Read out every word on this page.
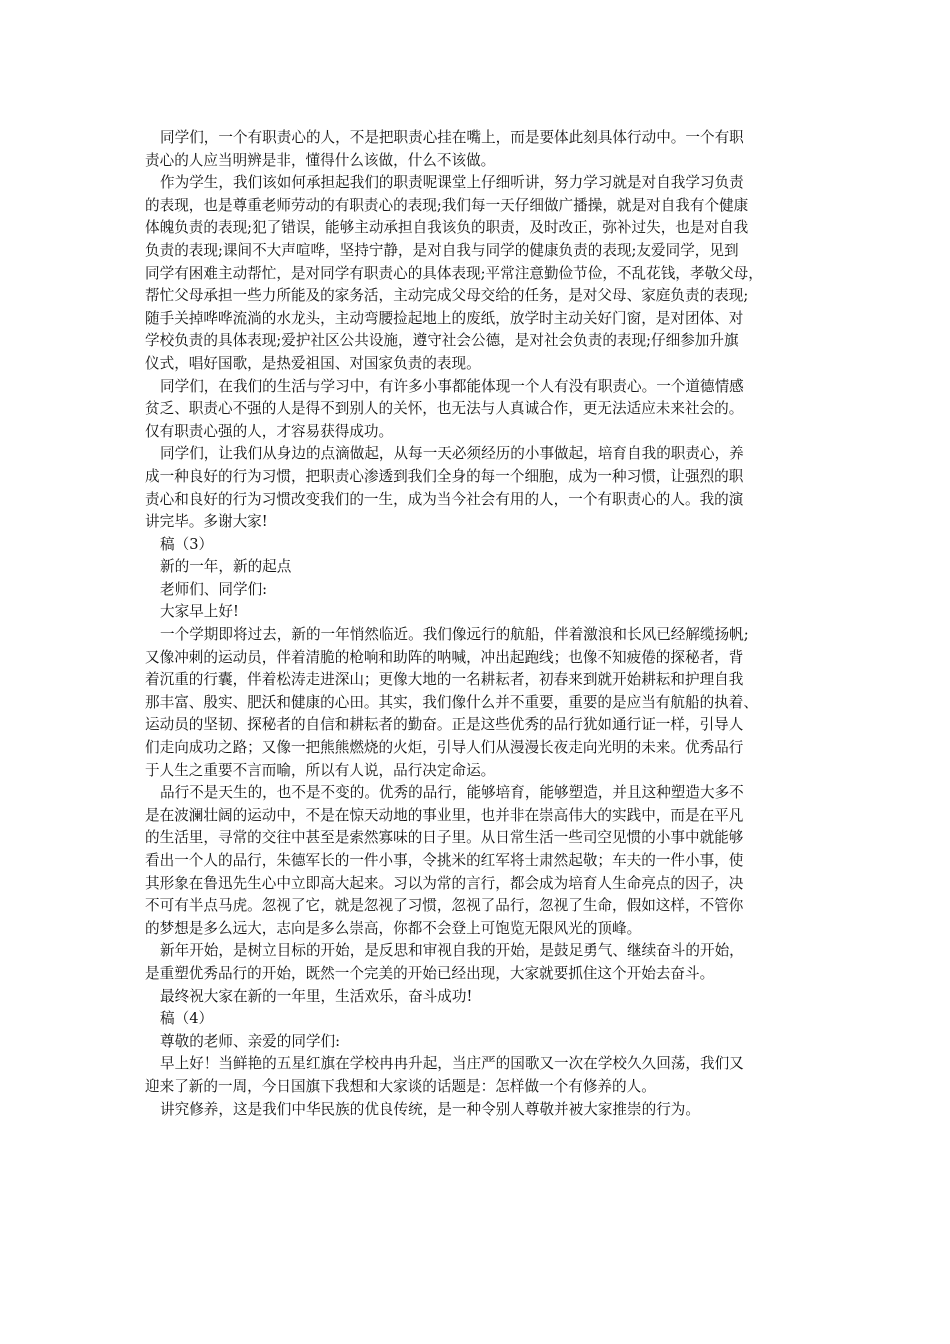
同学们，一个有职责心的人，不是把职责心挂在嘴上，而是要体此刻具体行动中。一个有职
责心的人应当明辨是非，懂得什么该做，什么不该做。
作为学生，我们该如何承担起我们的职责呢课堂上仔细听讲，努力学习就是对自我学习负责
的表现，也是尊重老师劳动的有职责心的表现;我们每一天仔细做广播操，就是对自我有个健康
体魄负责的表现;犯了错误，能够主动承担自我该负的职责，及时改正，弥补过失，也是对自我
负责的表现;课间不大声喧哗，坚持宁静，是对自我与同学的健康负责的表现;友爱同学，见到
同学有困难主动帮忙，是对同学有职责心的具体表现;平常注意勤俭节俭，不乱花钱，孝敬父母，
帮忙父母承担一些力所能及的家务活，主动完成父母交给的任务，是对父母、家庭负责的表现;
随手关掉哗哗流淌的水龙头，主动弯腰捡起地上的废纸，放学时主动关好门窗，是对团体、对
学校负责的具体表现;爱护社区公共设施，遵守社会公德，是对社会负责的表现;仔细参加升旗
仪式，唱好国歌，是热爱祖国、对国家负责的表现。
同学们，在我们的生活与学习中，有许多小事都能体现一个人有没有职责心。一个道德情感
贫乏、职责心不强的人是得不到别人的关怀，也无法与人真诚合作，更无法适应未来社会的。
仅有职责心强的人，才容易获得成功。
同学们，让我们从身边的点滴做起，从每一天必须经历的小事做起，培育自我的职责心，养
成一种良好的行为习惯，把职责心渗透到我们全身的每一个细胞，成为一种习惯，让强烈的职
责心和良好的行为习惯改变我们的一生，成为当今社会有用的人，一个有职责心的人。我的演
讲完毕。多谢大家!
稿（3）
新的一年，新的起点
老师们、同学们:
大家早上好!
一个学期即将过去，新的一年悄然临近。我们像远行的航船，伴着激浪和长风已经解缆扬帆;
又像冲刺的运动员，伴着清脆的枪响和助阵的呐喊，冲出起跑线；也像不知疲倦的探秘者，背
着沉重的行囊，伴着松涛走进深山；更像大地的一名耕耘者，初春来到就开始耕耘和护理自我
那丰富、殷实、肥沃和健康的心田。其实，我们像什么并不重要，重要的是应当有航船的执着、
运动员的坚韧、探秘者的自信和耕耘者的勤奋。正是这些优秀的品行犹如通行证一样，引导人
们走向成功之路；又像一把熊熊燃烧的火炬，引导人们从漫漫长夜走向光明的未来。优秀品行
于人生之重要不言而喻，所以有人说，品行决定命运。
品行不是天生的，也不是不变的。优秀的品行，能够培育，能够塑造，并且这种塑造大多不
是在波澜壮阔的运动中，不是在惊天动地的事业里，也并非在崇高伟大的实践中，而是在平凡
的生活里，寻常的交往中甚至是索然寡味的日子里。从日常生活一些司空见惯的小事中就能够
看出一个人的品行，朱德军长的一件小事，令挑米的红军将士肃然起敬；车夫的一件小事，使
其形象在鲁迅先生心中立即高大起来。习以为常的言行，都会成为培育人生命亮点的因子，决
不可有半点马虎。忽视了它，就是忽视了习惯，忽视了品行，忽视了生命，假如这样，不管你
的梦想是多么远大，志向是多么崇高，你都不会登上可饱览无限风光的顶峰。
新年开始，是树立目标的开始，是反思和审视自我的开始，是鼓足勇气、继续奋斗的开始，
是重塑优秀品行的开始，既然一个完美的开始已经出现，大家就要抓住这个开始去奋斗。
最终祝大家在新的一年里，生活欢乐，奋斗成功!
稿（4）
尊敬的老师、亲爱的同学们:
早上好！当鲜艳的五星红旗在学校冉冉升起，当庄严的国歌又一次在学校久久回荡，我们又
迎来了新的一周，今日国旗下我想和大家谈的话题是：怎样做一个有修养的人。
讲究修养，这是我们中华民族的优良传统，是一种令别人尊敬并被大家推崇的行为。
